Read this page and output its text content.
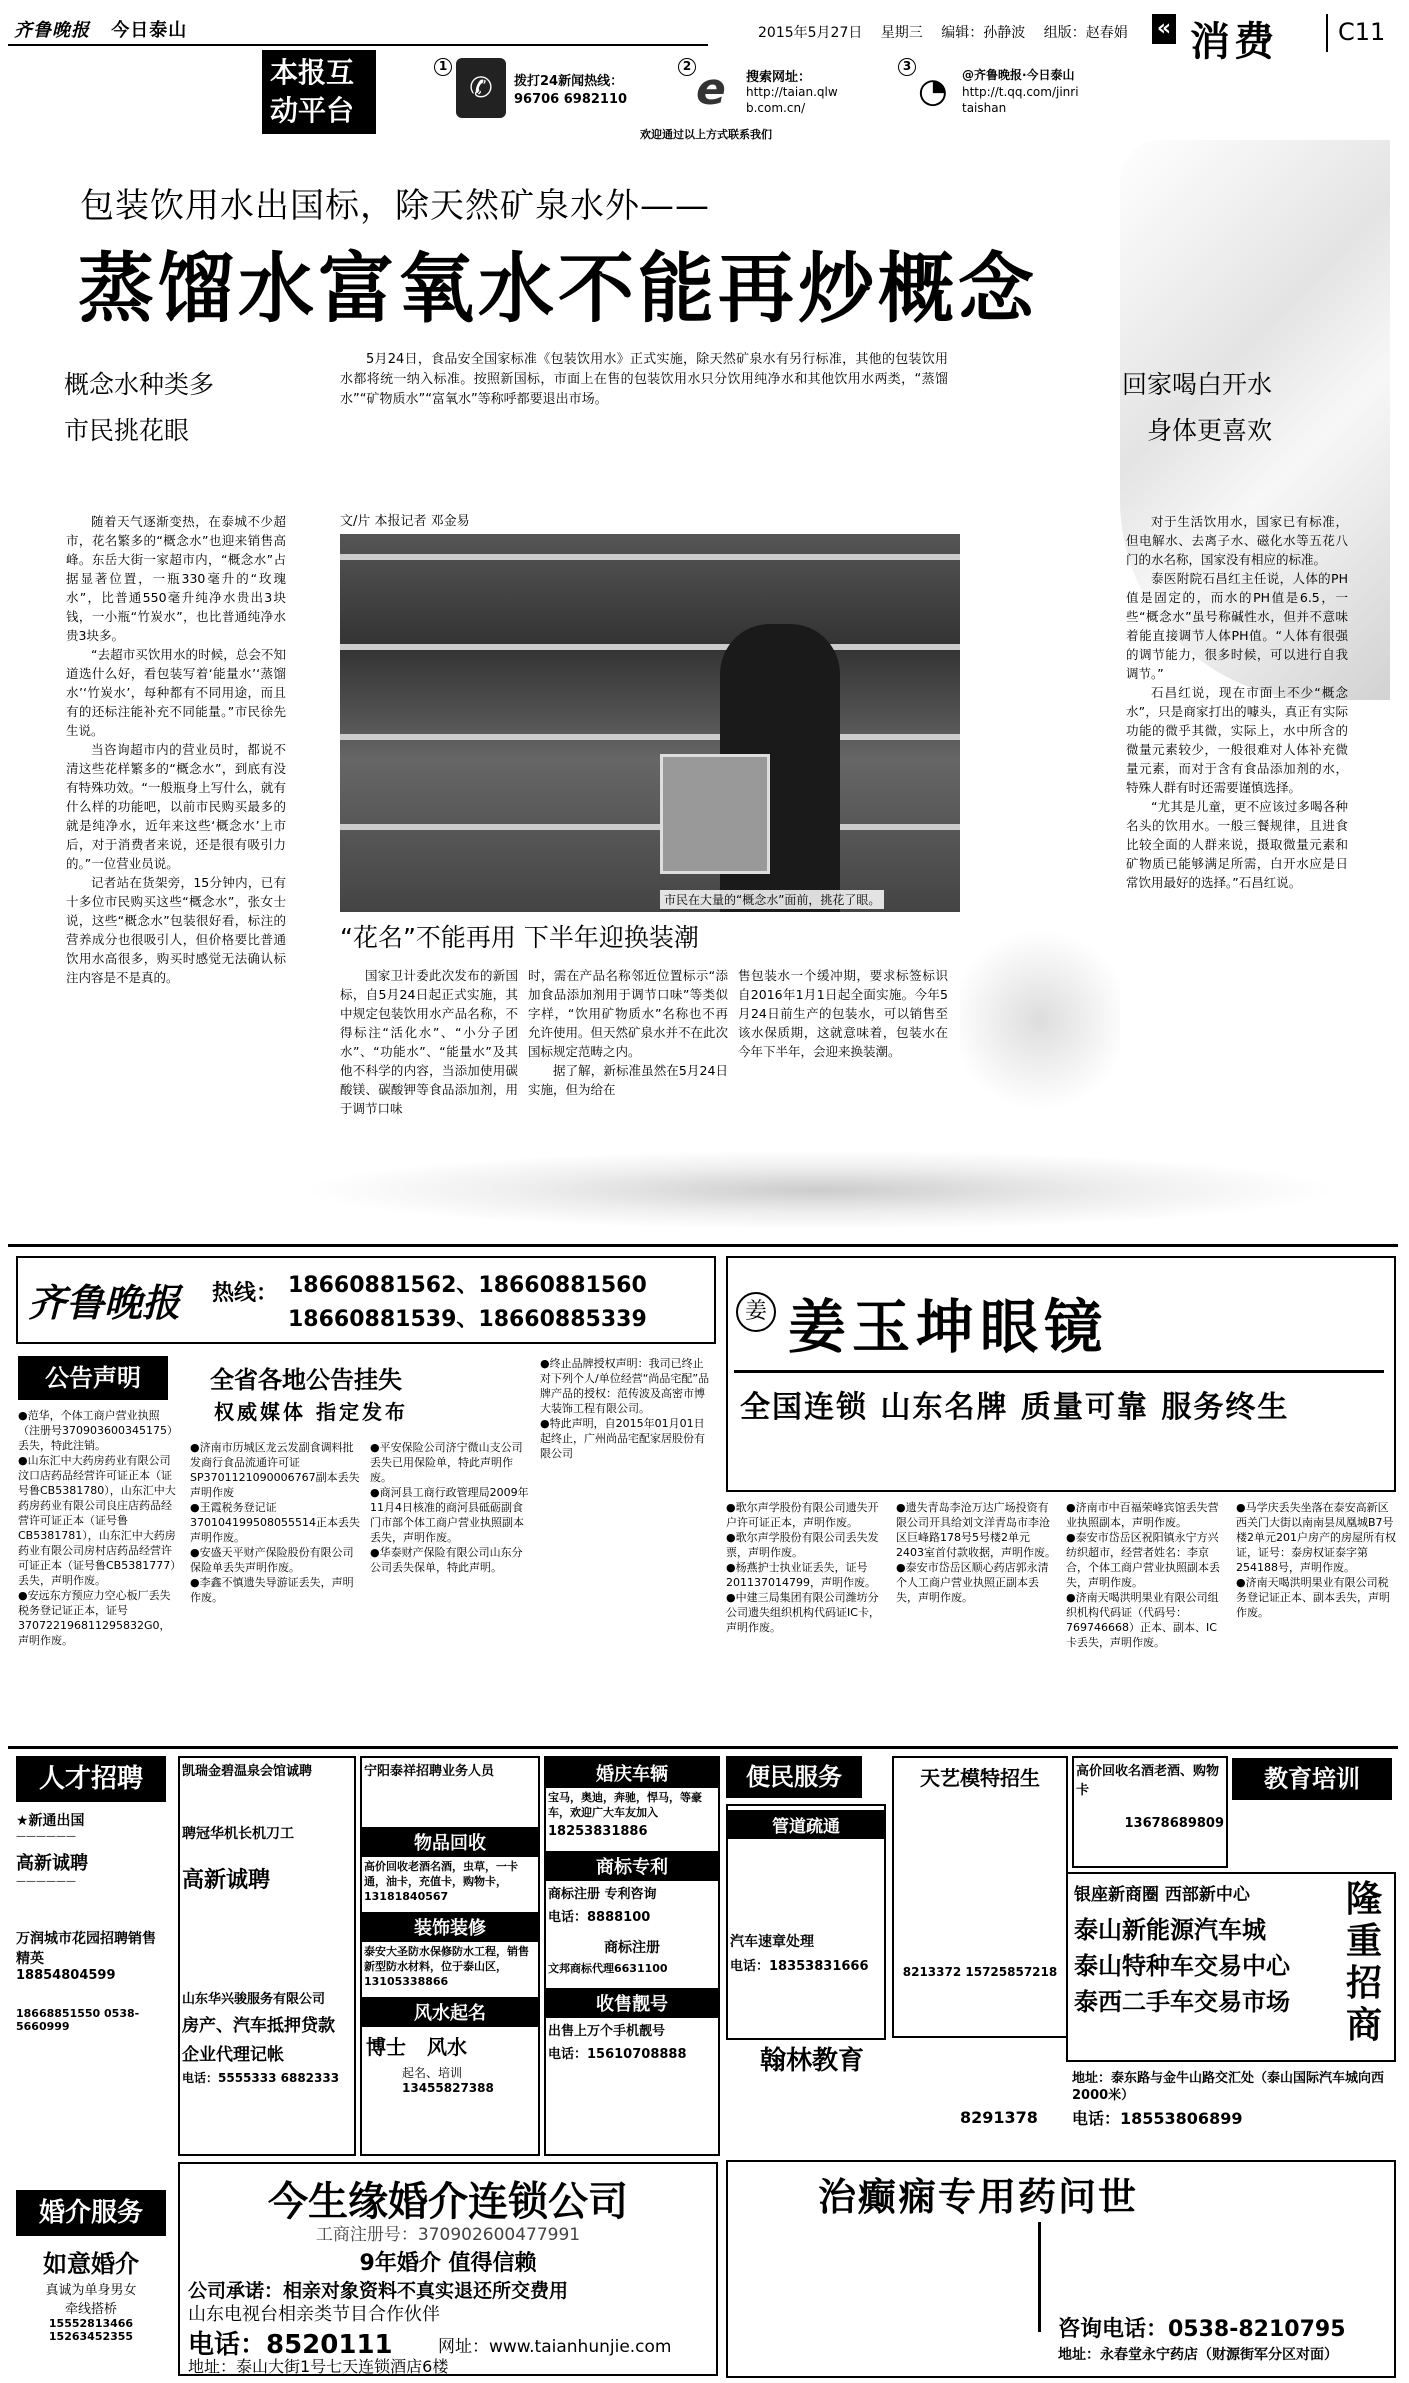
齐鲁晚报 今日泰山	2015年5月27日 星期三 编辑：孙静波 组版：赵春娟 « 消费	C11
本报互动平台
✆
1
拨打24新闻热线：
96706 6982110
2 e	搜索网址：
http://taian.qlwb.com.cn/
3
◔	@齐鲁晚报·今日泰山
http://t.qq.com/jinritaishan
欢迎通过以上方式联系我们
包装饮用水出国标，除天然矿泉水外——
蒸馏水富氧水不能再炒概念
概念水种类多
市民挑花眼
回家喝白开水
身体更喜欢
5月24日，食品安全国家标准《包装饮用水》正式实施，除天然矿泉水有另行标准，其他的包装饮用水都将统一纳入标准。按照新国标，市面上在售的包装饮用水只分饮用纯净水和其他饮用水两类，“蒸馏水”“矿物质水”“富氧水”等称呼都要退出市场。
文/片 本报记者 邓金易
随着天气逐渐变热，在泰城不少超市，花名繁多的“概念水”也迎来销售高峰。东岳大街一家超市内，“概念水”占据显著位置，一瓶330毫升的“玫瑰水”，比普通550毫升纯净水贵出3块钱，一小瓶“竹炭水”，也比普通纯净水贵3块多。
“去超市买饮用水的时候，总会不知道选什么好，看包装写着‘能量水’‘蒸馏水’‘竹炭水’，每种都有不同用途，而且有的还标注能补充不同能量。”市民徐先生说。
当咨询超市内的营业员时，都说不清这些花样繁多的“概念水”，到底有没有特殊功效。“一般瓶身上写什么，就有什么样的功能吧，以前市民购买最多的就是纯净水，近年来这些‘概念水’上市后，对于消费者来说，还是很有吸引力的。”一位营业员说。
记者站在货架旁，15分钟内，已有十多位市民购买这些“概念水”，张女士说，这些“概念水”包装很好看，标注的营养成分也很吸引人，但价格要比普通饮用水高很多，购买时感觉无法确认标注内容是不是真的。
市民在大量的“概念水”面前，挑花了眼。
对于生活饮用水，国家已有标准，但电解水、去离子水、磁化水等五花八门的水名称，国家没有相应的标准。
泰医附院石昌红主任说，人体的PH值是固定的，而水的PH值是6.5，一些“概念水”虽号称碱性水，但并不意味着能直接调节人体PH值。“人体有很强的调节能力，很多时候，可以进行自我调节。”
石昌红说，现在市面上不少“概念水”，只是商家打出的噱头，真正有实际功能的微乎其微，实际上，水中所含的微量元素较少，一般很难对人体补充微量元素，而对于含有食品添加剂的水，特殊人群有时还需要谨慎选择。
“尤其是儿童，更不应该过多喝各种名头的饮用水。一般三餐规律，且进食比较全面的人群来说，摄取微量元素和矿物质已能够满足所需，白开水应是日常饮用最好的选择。”石昌红说。
“花名”不能再用 下半年迎换装潮
国家卫计委此次发布的新国标，自5月24日起正式实施，其中规定包装饮用水产品名称，不得标注“活化水”、“小分子团水”、“功能水”、“能量水”及其他不科学的内容，当添加使用碳酸镁、碳酸钾等食品添加剂，用于调节口味
时，需在产品名称邻近位置标示“添加食品添加剂用于调节口味”等类似字样，“饮用矿物质水”名称也不再允许使用。但天然矿泉水并不在此次国标规定范畴之内。
据了解，新标准虽然在5月24日实施，但为给在
售包装水一个缓冲期，要求标签标识自2016年1月1日起全面实施。今年5月24日前生产的包装水，可以销售至该水保质期，这就意味着，包装水在今年下半年，会迎来换装潮。
齐鲁晚报 热线： 18660881562、18660881560
18660881539、18660885339	姜 姜玉坤眼镜
全国连锁 山东名牌 质量可靠 服务终生
公告声明	全省各地公告挂失
权威媒体 指定发布
●范华，个体工商户营业执照（注册号370903600345175）丢失，特此注销。
●山东汇中大药房药业有限公司汶口店药品经营许可证正本（证号鲁CB5381780），山东汇中大药房药业有限公司良庄店药品经营许可证正本（证号鲁CB5381781），山东汇中大药房药业有限公司房村店药品经营许可证正本（证号鲁CB5381777）丢失，声明作废。
●安远东方预应力空心板厂丢失税务登记证正本，证号370722196811295832G0，声明作废。
●济南市历城区龙云发副食调料批发商行食品流通许可证SP3701121090006767副本丢失声明作废
●王霞税务登记证370104199508055514正本丢失声明作废。
●安盛天平财产保险股份有限公司保险单丢失声明作废。
●李鑫不慎遗失导游证丢失，声明作废。
●平安保险公司济宁微山支公司丢失已用保险单，特此声明作废。
●商河县工商行政管理局2009年11月4日核准的商河县砥砺副食门市部个体工商户营业执照副本丢失，声明作废。
●华泰财产保险有限公司山东分公司丢失保单，特此声明。
●终止品牌授权声明：我司已终止对下列个人/单位经营“尚品宅配”品牌产品的授权：范传波及高密市博大装饰工程有限公司。
●特此声明，自2015年01月01日起终止，广州尚品宅配家居股份有限公司
●歌尔声学股份有限公司遗失开户许可证正本，声明作废。
●歌尔声学股份有限公司丢失发票，声明作废。
●杨燕护士执业证丢失，证号201137014799，声明作废。
●中建三局集团有限公司潍坊分公司遗失组织机构代码证IC卡，声明作废。
●遗失青岛李沧万达广场投资有限公司开具给刘文洋青岛市李沧区巨峰路178号5号楼2单元2403室首付款收据，声明作废。
●泰安市岱岳区顺心药店郭永清个人工商户营业执照正副本丢失，声明作废。
●济南市中百福荣峰宾馆丢失营业执照副本，声明作废。
●泰安市岱岳区祝阳镇永宁方兴纺织超市，经营者姓名：李京合，个体工商户营业执照副本丢失，声明作废。
●济南天喝洪明果业有限公司组织机构代码证（代码号：769746668）正本、副本、IC卡丢失，声明作废。
●马学庆丢失坐落在泰安高新区西关门大街以南南昙凤凰城B7号楼2单元201户房产的房屋所有权证，证号：泰房权证泰字第254188号，声明作废。
●济南天喝洪明果业有限公司税务登记证正本、副本丢失，声明作废。
人才招聘
★新通出国
——————
高新诚聘
——————
万润城市花园招聘销售精英
18854804599
18668851550 0538-5660999
婚介服务
如意婚介
真诚为单身男女
牵线搭桥
15552813466 15263452355
凯瑞金碧温泉会馆诚聘
聘冠华机长机刀工
高新诚聘
山东华兴骏服务有限公司
房产、汽车抵押贷款
企业代理记帐
电话：5555333 6882333
宁阳泰祥招聘业务人员
物品回收
高价回收老酒名酒，虫草，一卡通，油卡，充值卡，购物卡，13181840567
装饰装修
泰安大圣防水保修防水工程，销售新型防水材料，位于泰山区，13105338866
风水起名
博士 风水
起名、培训
13455827388
婚庆车辆
宝马，奥迪，奔驰，悍马，等豪车，欢迎广大车友加入
18253831886
商标专利
商标注册 专利咨询
电话：8888100
商标注册
文邦商标代理6631100
收售靓号
出售上万个手机靓号
电话：15610708888
便民服务
管道疏通
汽车速章处理
电话：18353831666
翰林教育
8291378
天艺模特招生
8213372 15725857218
高价回收名酒老酒、购物卡
13678689809
教育培训
银座新商圈 西部新中心
泰山新能源汽车城
泰山特种车交易中心
泰西二手车交易市场
隆重招商
地址：泰东路与金牛山路交汇处（泰山国际汽车城向西2000米）
电话：18553806899
今生缘婚介连锁公司
工商注册号：370902600477991
9年婚介 值得信赖
公司承诺：相亲对象资料不真实退还所交费用
山东电视台相亲类节目合作伙伴
电话：8520111	网址：www.taianhunjie.com
地址：泰山大街1号七天连锁酒店6楼
治癫痫专用药问世
咨询电话：0538-8210795
地址：永春堂永宁药店（财源街军分区对面）
